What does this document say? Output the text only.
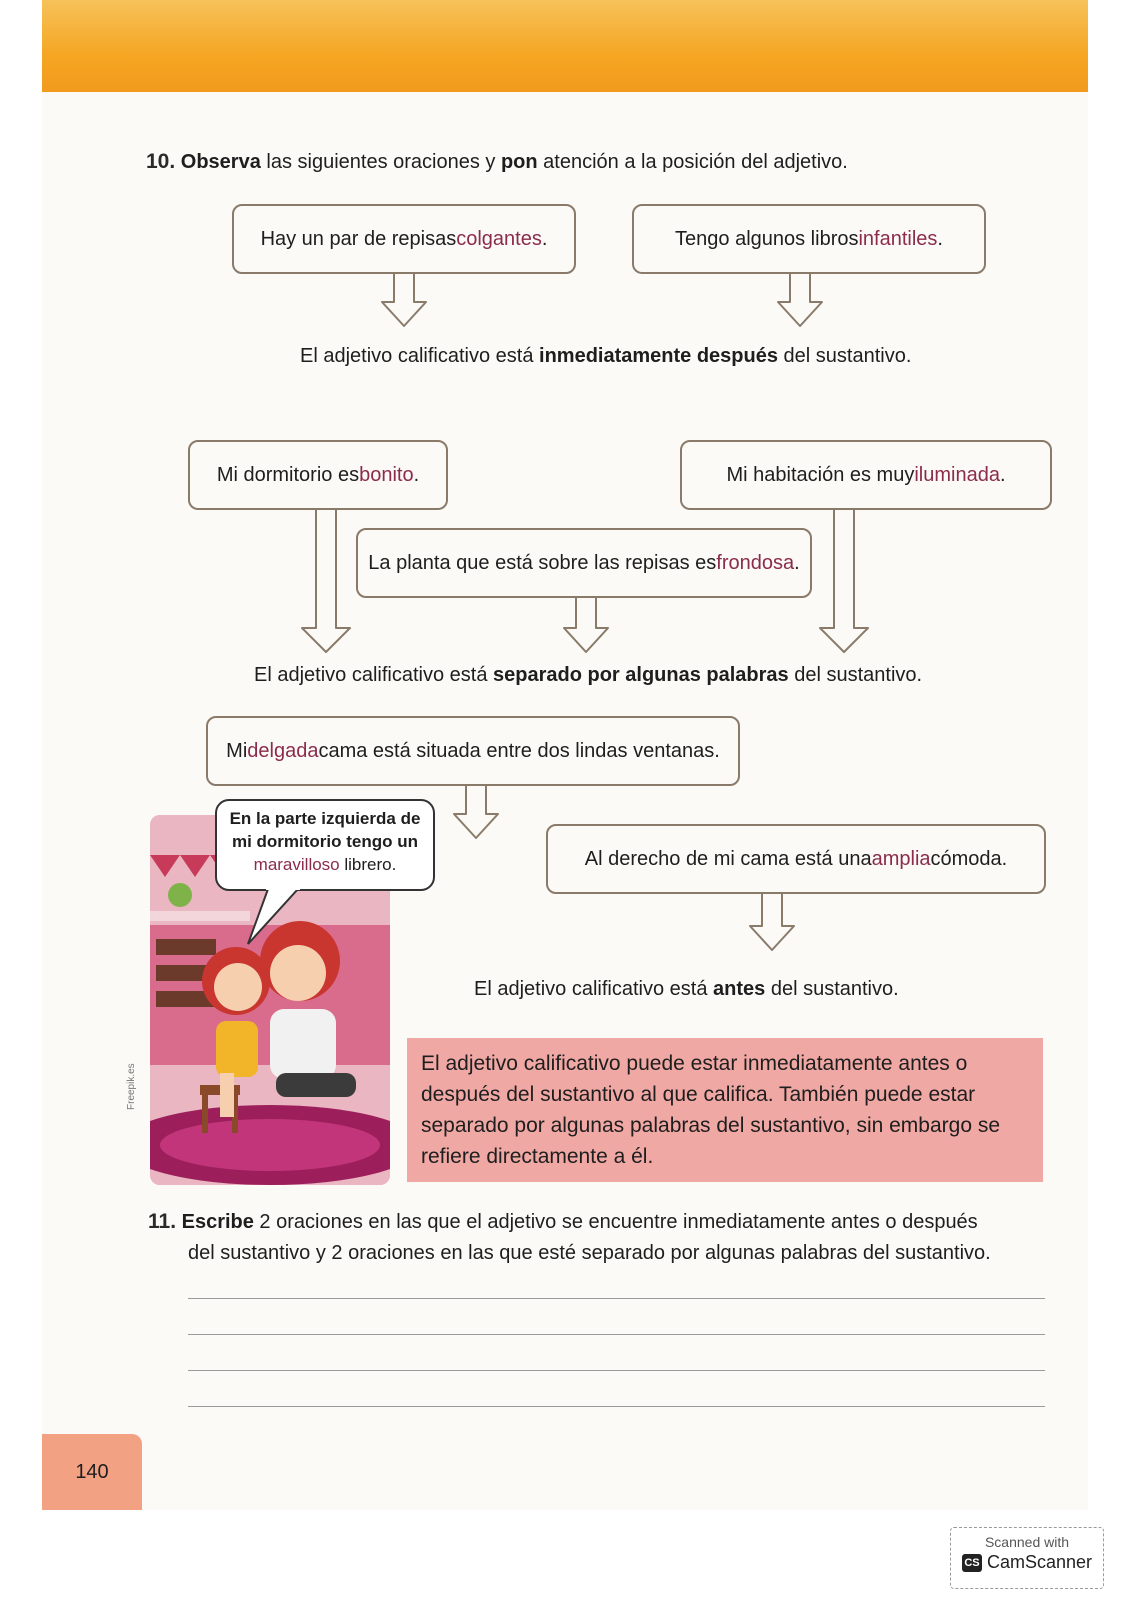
10. Observa las siguientes oraciones y pon atención a la posición del adjetivo.
Hay un par de repisas colgantes .	Tengo algunos libros infantiles .
El adjetivo calificativo está inmediatamente después del sustantivo.
Mi dormitorio es bonito .	Mi habitación es muy iluminada .
La planta que está sobre las repisas es frondosa .
El adjetivo calificativo está separado por algunas palabras del sustantivo.
Mi delgada cama está situada entre dos lindas ventanas.
Al derecho de mi cama está una amplia cómoda.
En la parte izquierda de
mi dormitorio tengo un
maravilloso librero.
Freepik.es
El adjetivo calificativo está antes del sustantivo.
El adjetivo calificativo puede estar inmediatamente antes o después del sustantivo al que califica. También puede estar separado por algunas palabras del sustantivo, sin embargo se refiere directamente a él.
11. Escribe 2 oraciones en las que el adjetivo se encuentre inmediatamente antes o después
del sustantivo y 2 oraciones en las que esté separado por algunas palabras del sustantivo.
140
Scanned with
CS CamScanner
